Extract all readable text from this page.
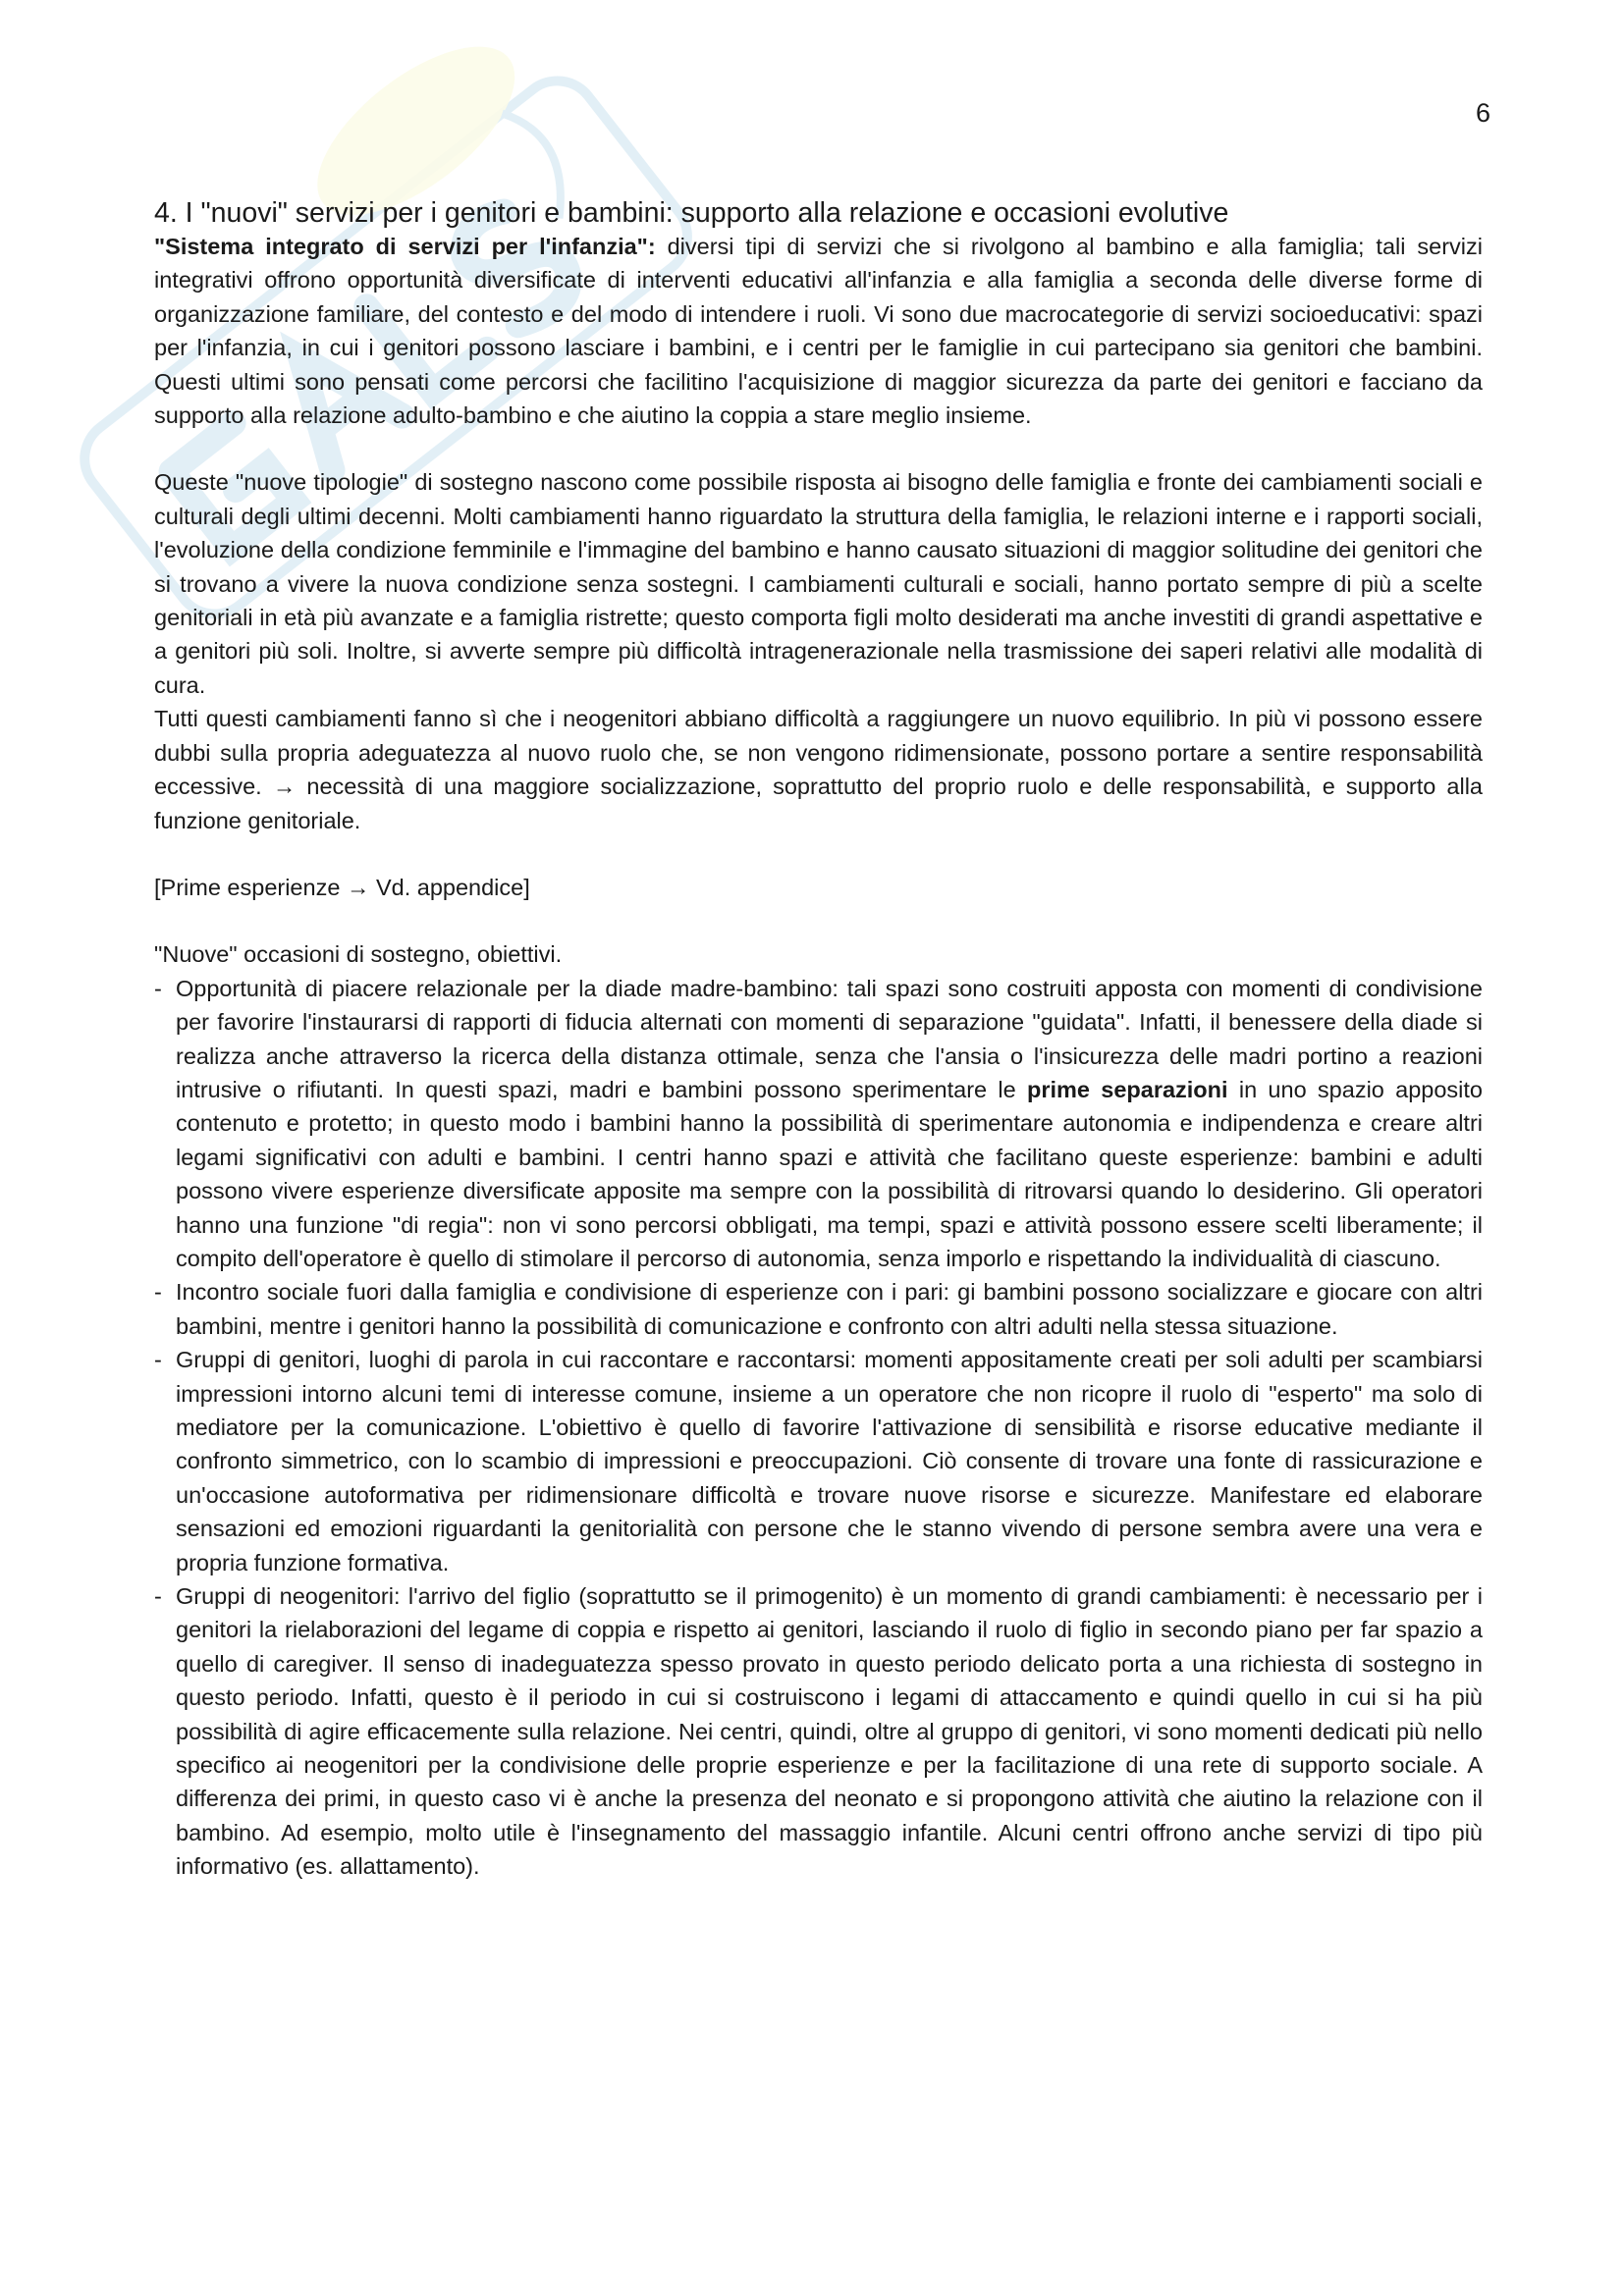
6

4. I "nuovi" servizi per i genitori e bambini: supporto alla relazione e occasioni evolutive

"Sistema integrato di servizi per l'infanzia": diversi tipi di servizi che si rivolgono al bambino e alla famiglia; tali servizi integrativi offrono opportunità diversificate di interventi educativi all'infanzia e alla famiglia a seconda delle diverse forme di organizzazione familiare, del contesto e del modo di intendere i ruoli. Vi sono due macrocategorie di servizi socioeducativi: spazi per l'infanzia, in cui i genitori possono lasciare i bambini, e i centri per le famiglie in cui partecipano sia genitori che bambini. Questi ultimi sono pensati come percorsi che facilitino l'acquisizione di maggior sicurezza da parte dei genitori e facciano da supporto alla relazione adulto-bambino e che aiutino la coppia a stare meglio insieme.

Queste "nuove tipologie" di sostegno nascono come possibile risposta ai bisogno delle famiglia e fronte dei cambiamenti sociali e culturali degli ultimi decenni. Molti cambiamenti hanno riguardato la struttura della famiglia, le relazioni interne e i rapporti sociali, l'evoluzione della condizione femminile e l'immagine del bambino e hanno causato situazioni di maggior solitudine dei genitori che si trovano a vivere la nuova condizione senza sostegni. I cambiamenti culturali e sociali, hanno portato sempre di più a scelte genitoriali in età più avanzate e a famiglia ristrette; questo comporta figli molto desiderati ma anche investiti di grandi aspettative e a genitori più soli. Inoltre, si avverte sempre più difficoltà intragenerazionale nella trasmissione dei saperi relativi alle modalità di cura.

Tutti questi cambiamenti fanno sì che i neogenitori abbiano difficoltà a raggiungere un nuovo equilibrio. In più vi possono essere dubbi sulla propria adeguatezza al nuovo ruolo che, se non vengono ridimensionate, possono portare a sentire responsabilità eccessive. → necessità di una maggiore socializzazione, soprattutto del proprio ruolo e delle responsabilità, e supporto alla funzione genitoriale.

[Prime esperienze → Vd. appendice]

"Nuove" occasioni di sostegno, obiettivi.

- Opportunità di piacere relazionale per la diade madre-bambino: tali spazi sono costruiti apposta con momenti di condivisione per favorire l'instaurarsi di rapporti di fiducia alternati con momenti di separazione "guidata". Infatti, il benessere della diade si realizza anche attraverso la ricerca della distanza ottimale, senza che l'ansia o l'insicurezza delle madri portino a reazioni intrusive o rifiutanti. In questi spazi, madri e bambini possono sperimentare le prime separazioni in uno spazio apposito contenuto e protetto; in questo modo i bambini hanno la possibilità di sperimentare autonomia e indipendenza e creare altri legami significativi con adulti e bambini. I centri hanno spazi e attività che facilitano queste esperienze: bambini e adulti possono vivere esperienze diversificate apposite ma sempre con la possibilità di ritrovarsi quando lo desiderino. Gli operatori hanno una funzione "di regia": non vi sono percorsi obbligati, ma tempi, spazi e attività possono essere scelti liberamente; il compito dell'operatore è quello di stimolare il percorso di autonomia, senza imporlo e rispettando la individualità di ciascuno.
- Incontro sociale fuori dalla famiglia e condivisione di esperienze con i pari: gi bambini possono socializzare e giocare con altri bambini, mentre i genitori hanno la possibilità di comunicazione e confronto con altri adulti nella stessa situazione.
- Gruppi di genitori, luoghi di parola in cui raccontare e raccontarsi: momenti appositamente creati per soli adulti per scambiarsi impressioni intorno alcuni temi di interesse comune, insieme a un operatore che non ricopre il ruolo di "esperto" ma solo di mediatore per la comunicazione. L'obiettivo è quello di favorire l'attivazione di sensibilità e risorse educative mediante il confronto simmetrico, con lo scambio di impressioni e preoccupazioni. Ciò consente di trovare una fonte di rassicurazione e un'occasione autoformativa per ridimensionare difficoltà e trovare nuove risorse e sicurezze. Manifestare ed elaborare sensazioni ed emozioni riguardanti la genitorialità con persone che le stanno vivendo di persone sembra avere una vera e propria funzione formativa.
- Gruppi di neogenitori: l'arrivo del figlio (soprattutto se il primogenito) è un momento di grandi cambiamenti: è necessario per i genitori la rielaborazioni del legame di coppia e rispetto ai genitori, lasciando il ruolo di figlio in secondo piano per far spazio a quello di caregiver. Il senso di inadeguatezza spesso provato in questo periodo delicato porta a una richiesta di sostegno in questo periodo. Infatti, questo è il periodo in cui si costruiscono i legami di attaccamento e quindi quello in cui si ha più possibilità di agire efficacemente sulla relazione. Nei centri, quindi, oltre al gruppo di genitori, vi sono momenti dedicati più nello specifico ai neogenitori per la condivisione delle proprie esperienze e per la facilitazione di una rete di supporto sociale. A differenza dei primi, in questo caso vi è anche la presenza del neonato e si propongono attività che aiutino la relazione con il bambino. Ad esempio, molto utile è l'insegnamento del massaggio infantile. Alcuni centri offrono anche servizi di tipo più informativo (es. allattamento).
